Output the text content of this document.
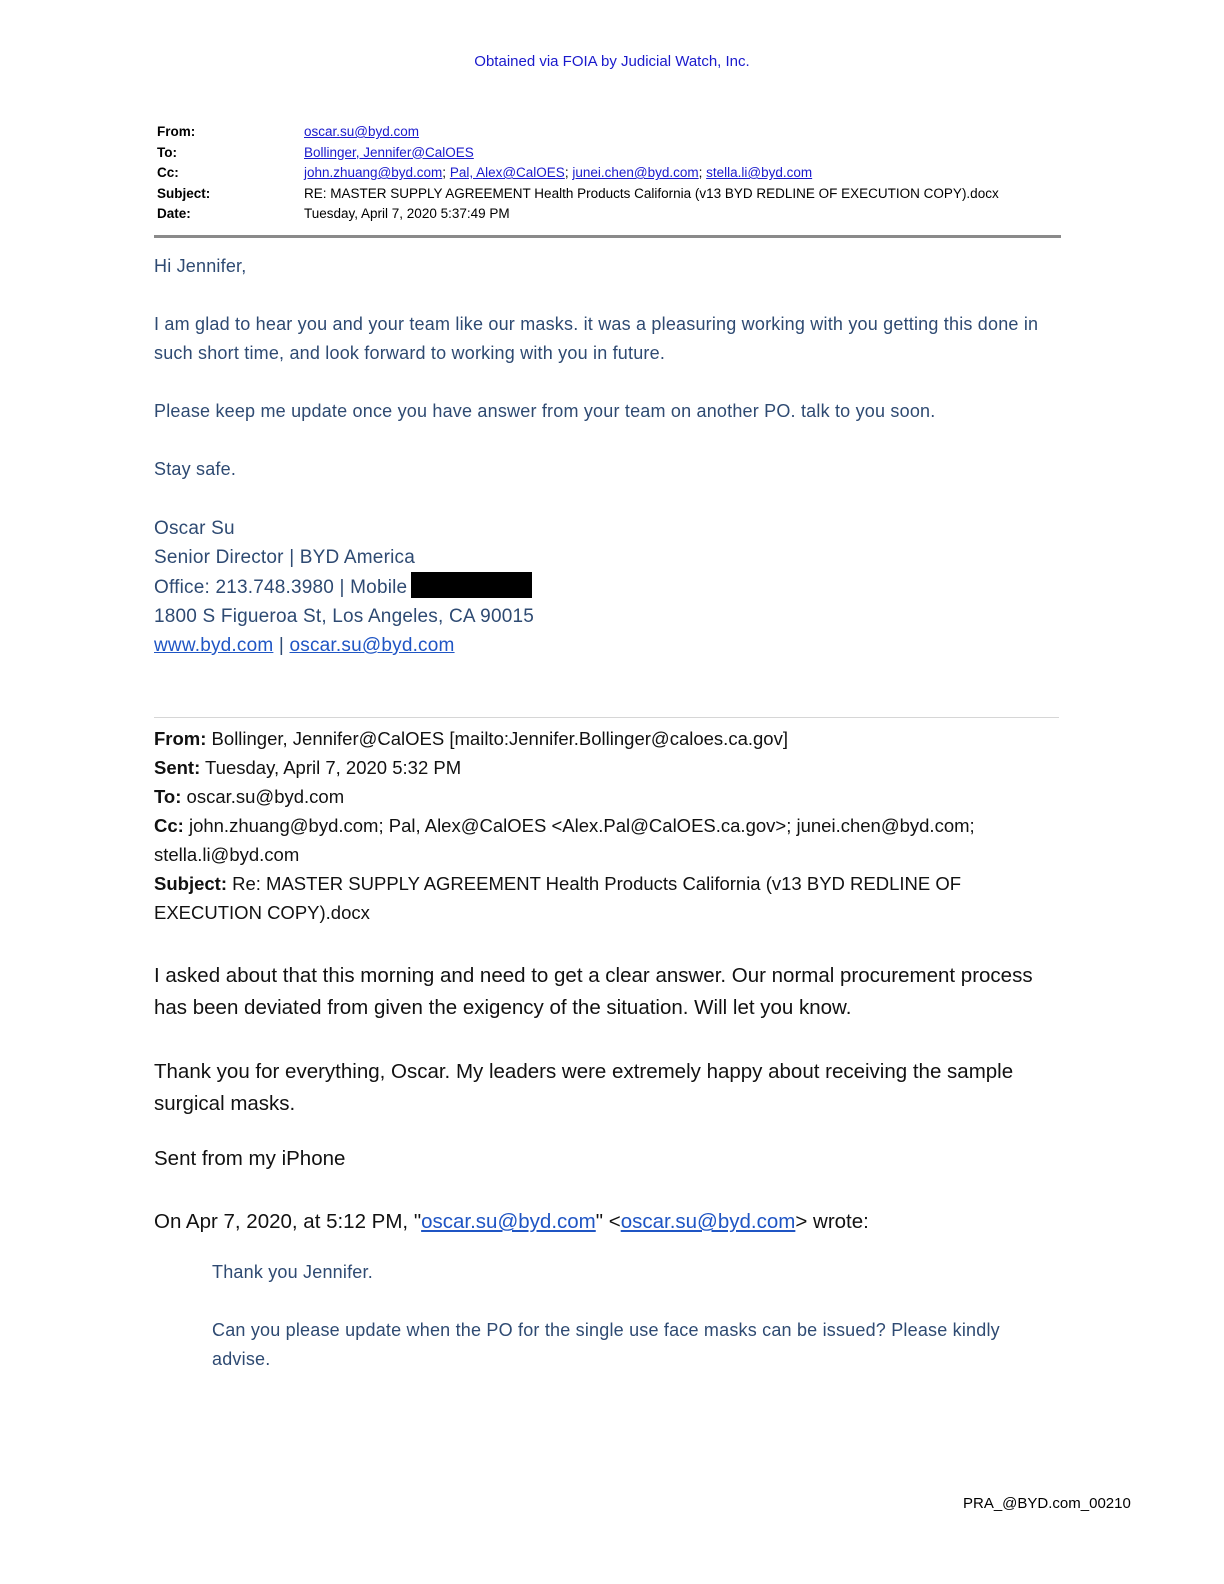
Obtained via FOIA by Judicial Watch, Inc.
From:	oscar.su@byd.com
To:	Bollinger, Jennifer@CalOES
Cc:	john.zhuang@byd.com; Pal, Alex@CalOES; junei.chen@byd.com; stella.li@byd.com
Subject:	RE: MASTER SUPPLY AGREEMENT Health Products California (v13 BYD REDLINE OF EXECUTION COPY).docx
Date:	Tuesday, April 7, 2020 5:37:49 PM

Hi Jennifer,

I am glad to hear you and your team like our masks. it was a pleasuring working with you getting this done in such short time, and look forward to working with you in future.

Please keep me update once you have answer from your team on another PO. talk to you soon.

Stay safe.

Oscar Su

Senior Director | BYD America

Office: 213.748.3980 | Mobile

1800 S Figueroa St, Los Angeles, CA 90015

www.byd.com | oscar.su@byd.com

From: Bollinger, Jennifer@CalOES [mailto:Jennifer.Bollinger@caloes.ca.gov]

Sent: Tuesday, April 7, 2020 5:32 PM

To: oscar.su@byd.com

Cc: john.zhuang@byd.com; Pal, Alex@CalOES <Alex.Pal@CalOES.ca.gov>; junei.chen@byd.com; stella.li@byd.com

Subject: Re: MASTER SUPPLY AGREEMENT Health Products California (v13 BYD REDLINE OF EXECUTION COPY).docx

I asked about that this morning and need to get a clear answer. Our normal procurement process has been deviated from given the exigency of the situation. Will let you know.

Thank you for everything, Oscar. My leaders were extremely happy about receiving the sample surgical masks.

Sent from my iPhone

On Apr 7, 2020, at 5:12 PM, "oscar.su@byd.com" <oscar.su@byd.com> wrote:

Thank you Jennifer.

Can you please update when the PO for the single use face masks can be issued? Please kindly advise.

PRA_@BYD.com_00210
